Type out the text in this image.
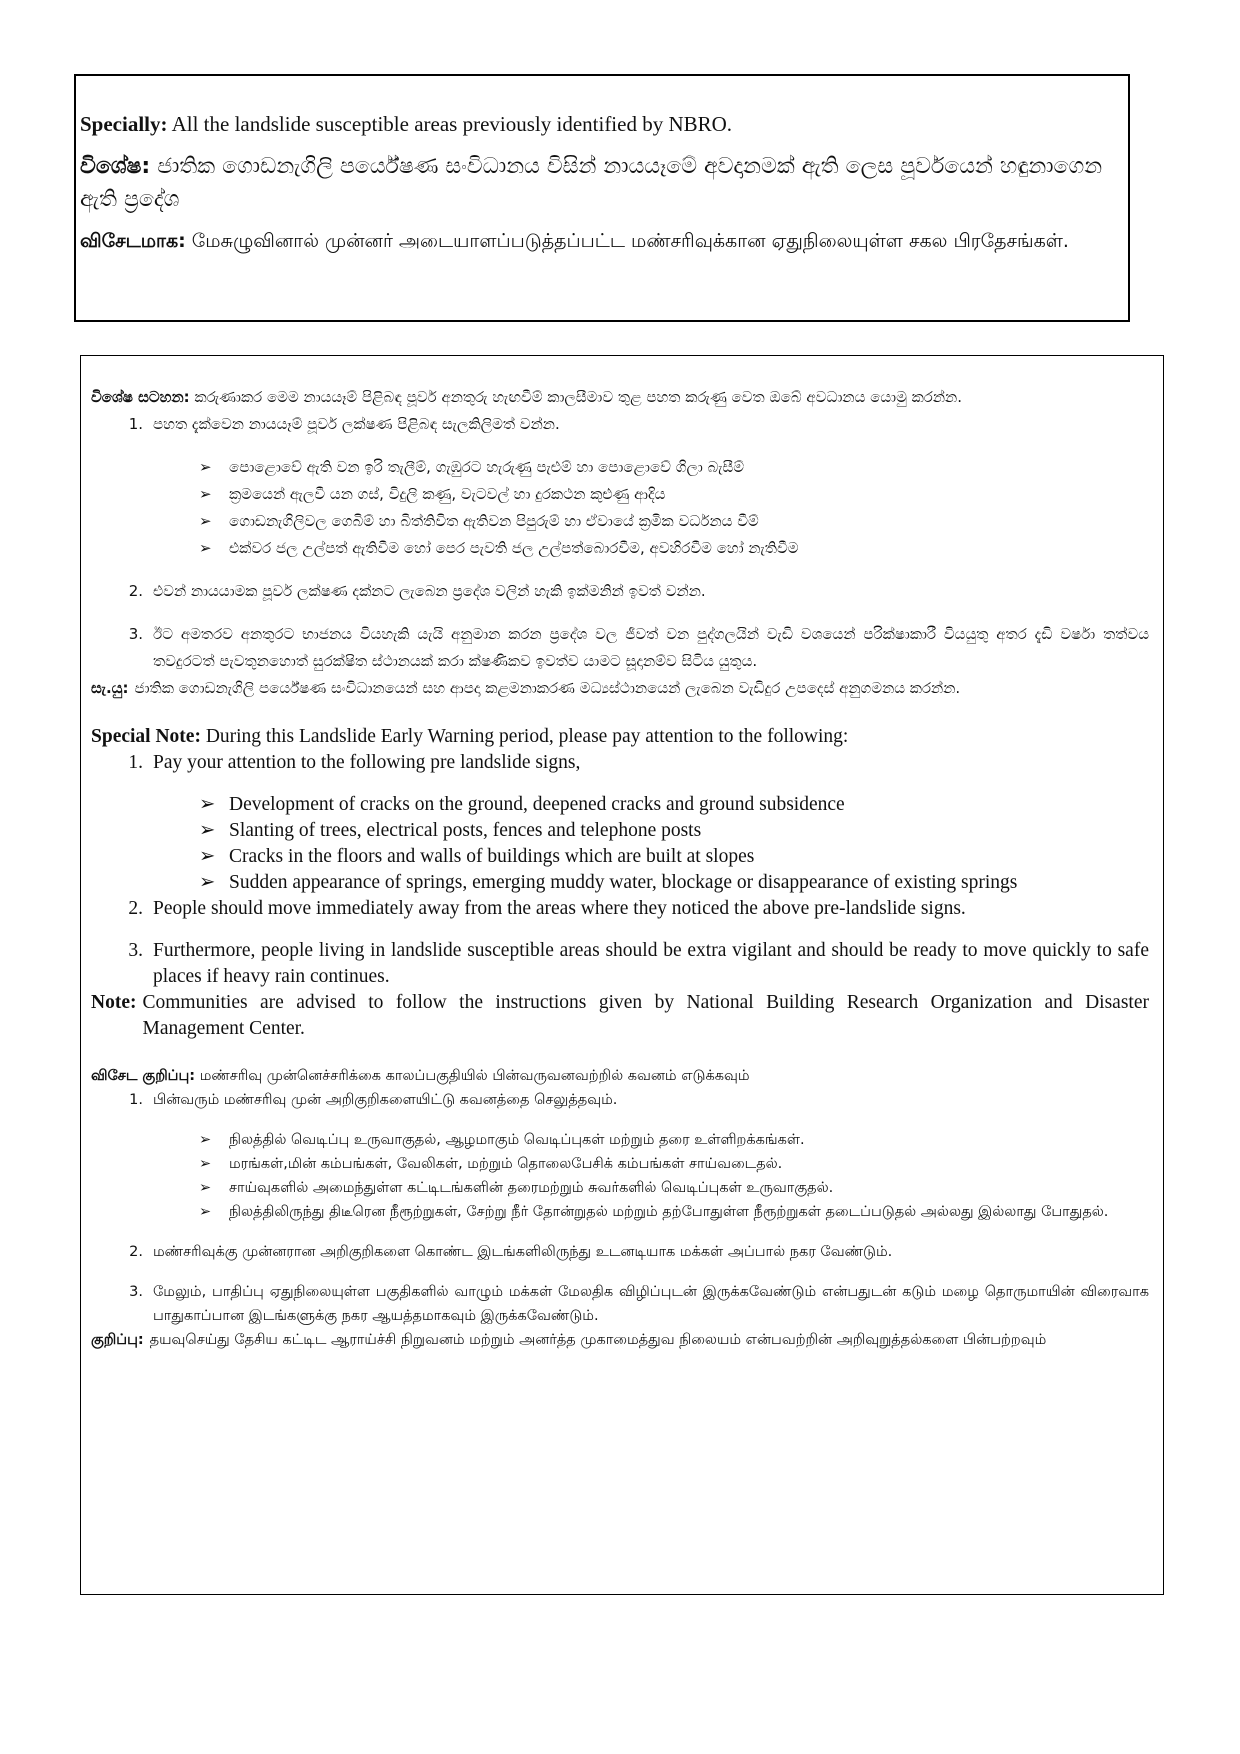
Specially: All the landslide susceptible areas previously identified by NBRO.

විශේෂ: ජාතික ගොඩනැගිලි පර්යේෂණ සංවිධානය විසින් නායයෑමේ අවදානමක් ඇති ලෙස පූර්වයෙන් හඳුනාගෙන ඇති ප්‍රදේශ

விசேடமாக: மேசுழுவினால் முன்னர் அடையாளப்படுத்தப்பட்ட மண்சரிவுக்கான ஏதுநிலையுள்ள சகல பிரதேசங்கள்.

විශේෂ සටහන: කරුණාකර මෙම නායයෑම් පිළිබඳ පූර්ව අනතුරු හැඟවීම් කාලසීමාව තුළ පහත කරුණු වෙත ඔබේ අවධානය යොමු කරන්න.

1. පහත දැක්වෙන නායයෑම් පූර්ව ලක්ෂණ පිළිබඳ සැලකිලිමත් වන්න.
➢	පොළොවේ ඇති වන ඉරි තැලීම්, ගැඹුරට හැරුණු පැළුම් හා පොළොවේ ගිලා බැසීම්
➢	ක්‍රමයෙන් ඇලවී යන ගස්, විදුලි කණු, වැටවල් හා දුරකථන කුළුණු ආදිය
➢	ගොඩනැගිලිවල ගෙබිම් හා බිත්තිවිත ඇතිවන පිපුරුම් හා ඒවායේ ක්‍රමික වර්ධනය වීම්
➢	එක්වර ජල උල්පත් ඇතිවීම හෝ පෙර පැවති ජල උල්පත්බොරවීම, අවහිරවීම හෝ නැතිවීම
2. එවන් නායයාමක පූර්ව ලක්ෂණ දක්නට ලැබෙන ප්‍රදේශ වලින් හැකි ඉක්මනින් ඉවත් වන්න.
3. ඊට අමතරව අනතුරට භාජනය වියහැකි යැයි අනුමාන කරන ප්‍රදේශ වල ජීවත් වන පුද්ගලයින් වැඩි වශයෙන් පරික්ෂාකාරී වියයුතු අතර දැඩි වර්ෂා තත්වය තවදුරටත් පැවතුනහොත් සුරක්ෂිත ස්ථානයක් කරා ක්ෂණිකව ඉවත්ව යාමට සූදානම්ව සිටිය යුතුය.
සැ.යු: ජාතික ගොඩනැගිලි පර්යේෂණ සංවිධානයෙන් සහ ආපදා කළමනාකරණ මධ්‍යස්ථානයෙන් ලැබෙන වැඩිදුර උපදෙස් අනුගමනය කරන්න.

Special Note: During this Landslide Early Warning period, please pay attention to the following:

1. Pay your attention to the following pre landslide signs,
➢ Development of cracks on the ground, deepened cracks and ground subsidence
➢ Slanting of trees, electrical posts, fences and telephone posts
➢ Cracks in the floors and walls of buildings which are built at slopes
➢ Sudden appearance of springs, emerging muddy water, blockage or disappearance of existing springs
2. People should move immediately away from the areas where they noticed the above pre-landslide signs.
3. Furthermore, people living in landslide susceptible areas should be extra vigilant and should be ready to move quickly to safe places if heavy rain continues.
Note: Communities are advised to follow the instructions given by National Building Research Organization and Disaster Management Center.

விசேட குறிப்பு: மண்சரிவு முன்னெச்சரிக்கை காலப்பகுதியில் பின்வருவனவற்றில் கவனம் எடுக்கவும்

1. பின்வரும் மண்சரிவு முன் அறிகுறிகளையிட்டு கவனத்தை செலுத்தவும்.
➢	நிலத்தில் வெடிப்பு உருவாகுதல், ஆழமாகும் வெடிப்புகள் மற்றும் தரை உள்ளிறக்கங்கள்.
➢	மரங்கள்,மின் கம்பங்கள், வேலிகள், மற்றும் தொலைபேசிக் கம்பங்கள் சாய்வடைதல்.
➢	சாய்வுகளில் அமைந்துள்ள கட்டிடங்களின் தரைமற்றும் சுவர்களில் வெடிப்புகள் உருவாகுதல்.
➢	நிலத்திலிருந்து திடீரென நீரூற்றுகள், சேற்று நீர் தோன்றுதல் மற்றும் தற்போதுள்ள நீரூற்றுகள் தடைப்படுதல் அல்லது இல்லாது போதுதல்.
2. மண்சரிவுக்கு முன்னரான அறிகுறிகளை கொண்ட இடங்களிலிருந்து உடனடியாக மக்கள் அப்பால் நகர வேண்டும்.
3. மேலும், பாதிப்பு ஏதுநிலையுள்ள பகுதிகளில் வாழும் மக்கள் மேலதிக விழிப்புடன் இருக்கவேண்டும் என்பதுடன் கடும் மழை தொருமாயின் விரைவாக பாதுகாப்பான இடங்களுக்கு நகர ஆயத்தமாகவும் இருக்கவேண்டும்.
குறிப்பு: தயவுசெய்து தேசிய கட்டிட ஆராய்ச்சி நிறுவனம் மற்றும் அனர்த்த முகாமைத்துவ நிலையம் என்பவற்றின் அறிவுறுத்தல்களை பின்பற்றவும்
